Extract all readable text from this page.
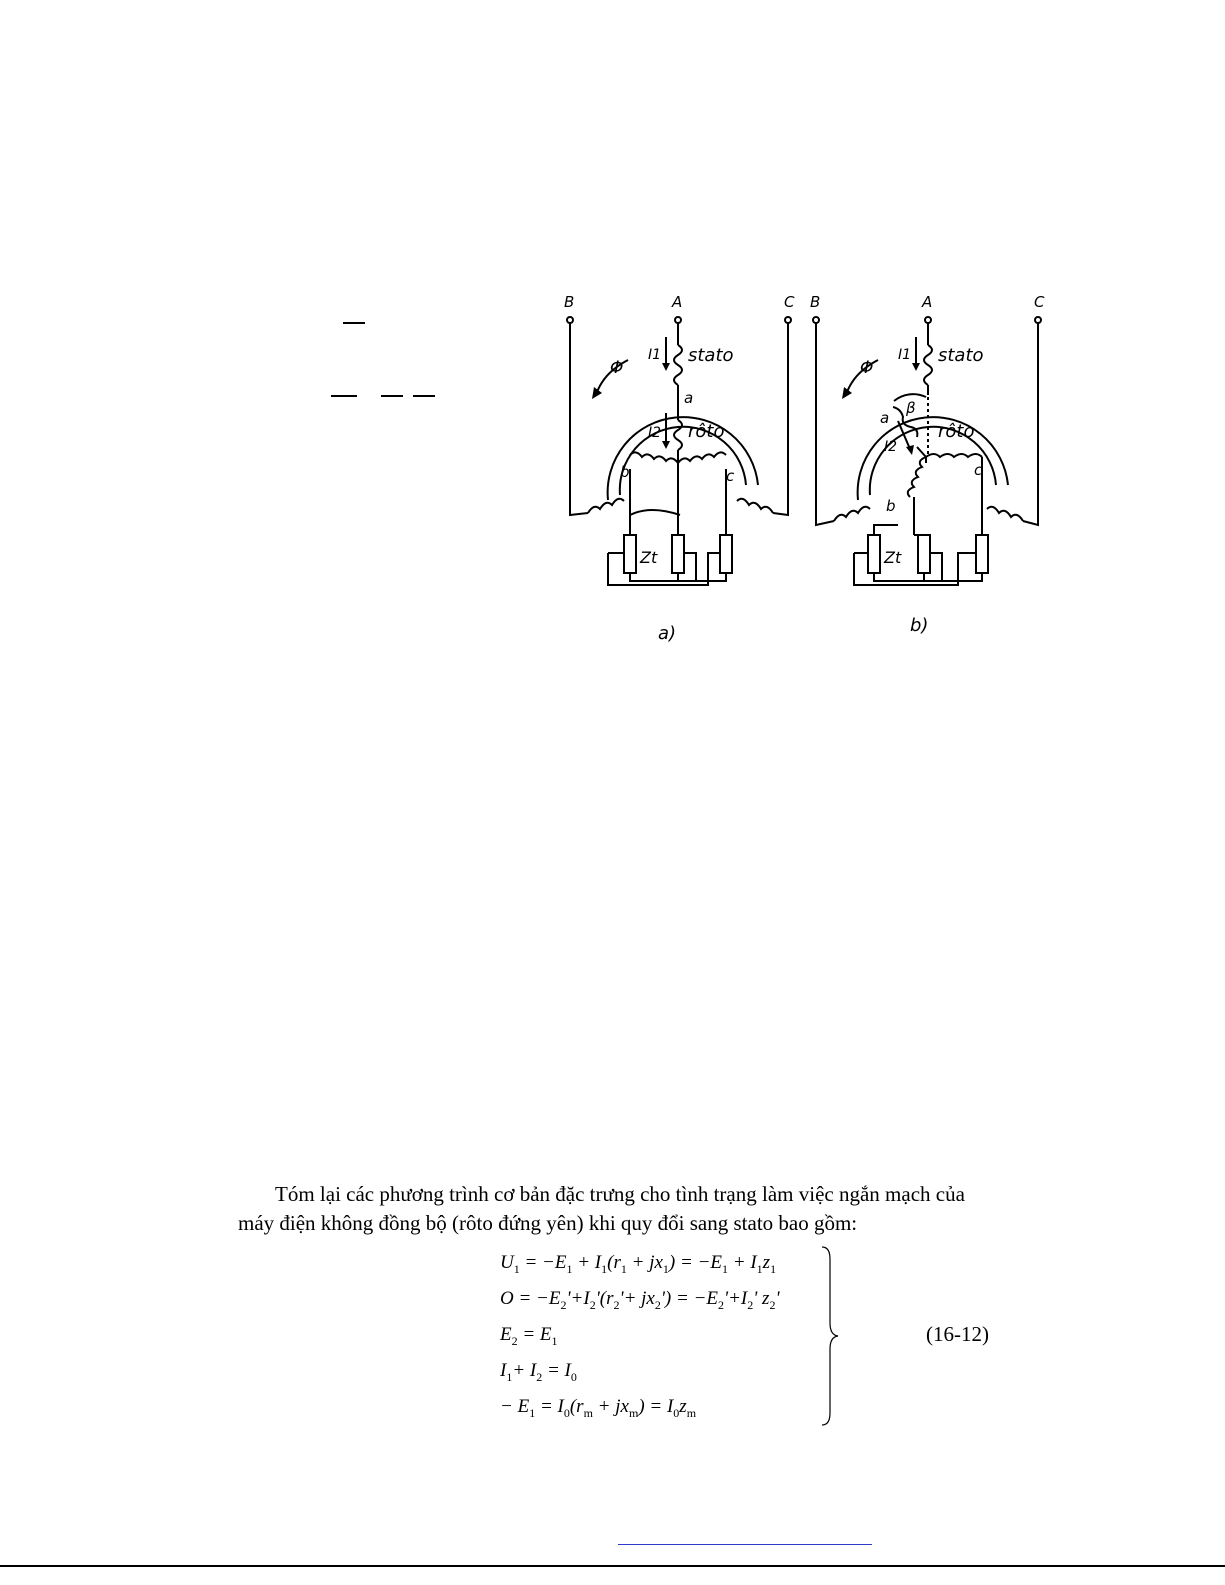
B	A	C
Φ
I1 stato
a
I2 rôto
b	c
Zt
a)
B	A	C
Φ
I1 stato
a
β
I2
rôto
b
c
Zt
b)
Tóm lại các phương trình cơ bản đặc trưng cho tình trạng làm việc ngắn mạch của
máy điện không đồng bộ (rôto đứng yên) khi quy đổi sang stato bao gồm:
$U_1 = -E_1 + I_1(r_1 + jx_1) = -E_1 + I_1z_1$
$O = -E_2'+I_2'(r_2'+ jx_2') = -E_2'+I_2'$ $z_2'$
$E_2 = E_1$
$I_1+ I_2 = I_0$
− $E_1 = I_0(r_m + jx_m) = I_0z_m$
(16-12)
